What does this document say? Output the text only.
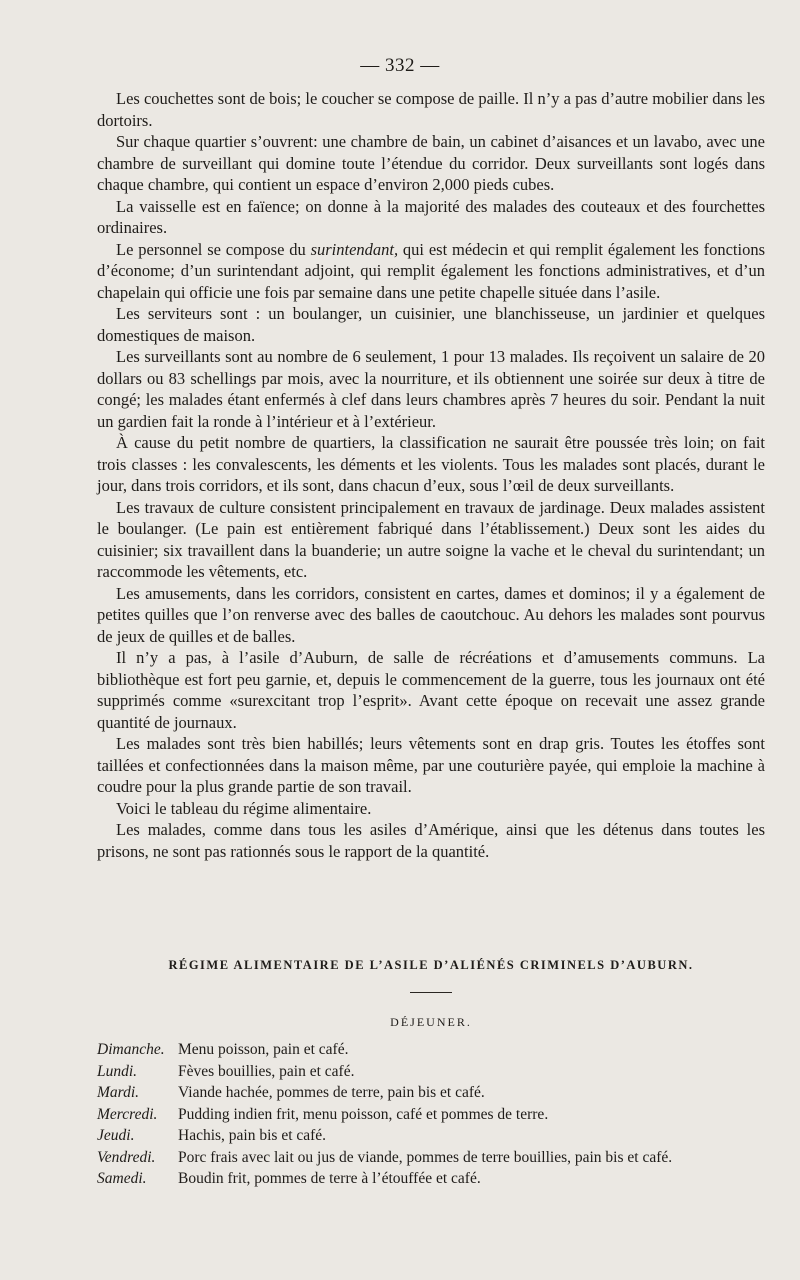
— 332 —

Les couchettes sont de bois; le coucher se compose de paille. Il n’y a pas d’autre mobilier dans les dortoirs.

Sur chaque quartier s’ouvrent: une chambre de bain, un cabinet d’aisances et un lavabo, avec une chambre de surveillant qui domine toute l’étendue du corridor. Deux surveillants sont logés dans chaque chambre, qui contient un espace d’environ 2,000 pieds cubes.

La vaisselle est en faïence; on donne à la majorité des malades des couteaux et des fourchettes ordinaires.

Le personnel se compose du surintendant, qui est médecin et qui remplit également les fonctions d’économe; d’un surintendant adjoint, qui remplit également les fonctions administratives, et d’un chapelain qui officie une fois par semaine dans une petite chapelle située dans l’asile.

Les serviteurs sont : un boulanger, un cuisinier, une blanchisseuse, un jardinier et quelques domestiques de maison.

Les surveillants sont au nombre de 6 seulement, 1 pour 13 malades. Ils reçoivent un salaire de 20 dollars ou 83 schellings par mois, avec la nourriture, et ils obtiennent une soirée sur deux à titre de congé; les malades étant enfermés à clef dans leurs chambres après 7 heures du soir. Pendant la nuit un gardien fait la ronde à l’intérieur et à l’extérieur.

À cause du petit nombre de quartiers, la classification ne saurait être poussée très loin; on fait trois classes : les convalescents, les déments et les violents. Tous les malades sont placés, durant le jour, dans trois corridors, et ils sont, dans chacun d’eux, sous l’œil de deux surveillants.

Les travaux de culture consistent principalement en travaux de jardinage. Deux malades assistent le boulanger. (Le pain est entièrement fabriqué dans l’établissement.) Deux sont les aides du cuisinier; six travaillent dans la buanderie; un autre soigne la vache et le cheval du surintendant; un raccommode les vêtements, etc.

Les amusements, dans les corridors, consistent en cartes, dames et dominos; il y a également de petites quilles que l’on renverse avec des balles de caoutchouc. Au dehors les malades sont pourvus de jeux de quilles et de balles.

Il n’y a pas, à l’asile d’Auburn, de salle de récréations et d’amusements communs. La bibliothèque est fort peu garnie, et, depuis le commencement de la guerre, tous les journaux ont été supprimés comme «surexcitant trop l’esprit». Avant cette époque on recevait une assez grande quantité de journaux.

Les malades sont très bien habillés; leurs vêtements sont en drap gris. Toutes les étoffes sont taillées et confectionnées dans la maison même, par une couturière payée, qui emploie la machine à coudre pour la plus grande partie de son travail.

Voici le tableau du régime alimentaire.

Les malades, comme dans tous les asiles d’Amérique, ainsi que les détenus dans toutes les prisons, ne sont pas rationnés sous le rapport de la quantité.

RÉGIME ALIMENTAIRE DE L’ASILE D’ALIÉNÉS CRIMINELS D’AUBURN.
DÉJEUNER.
Dimanche. Menu poisson, pain et café.
Lundi.	Fèves bouillies, pain et café.
Mardi.	Viande hachée, pommes de terre, pain bis et café.
Mercredi.	Pudding indien frit, menu poisson, café et pommes de terre.
Jeudi.	Hachis, pain bis et café.
Vendredi.	Porc frais avec lait ou jus de viande, pommes de terre bouillies, pain bis et café.
Samedi.	Boudin frit, pommes de terre à l’étouffée et café.
